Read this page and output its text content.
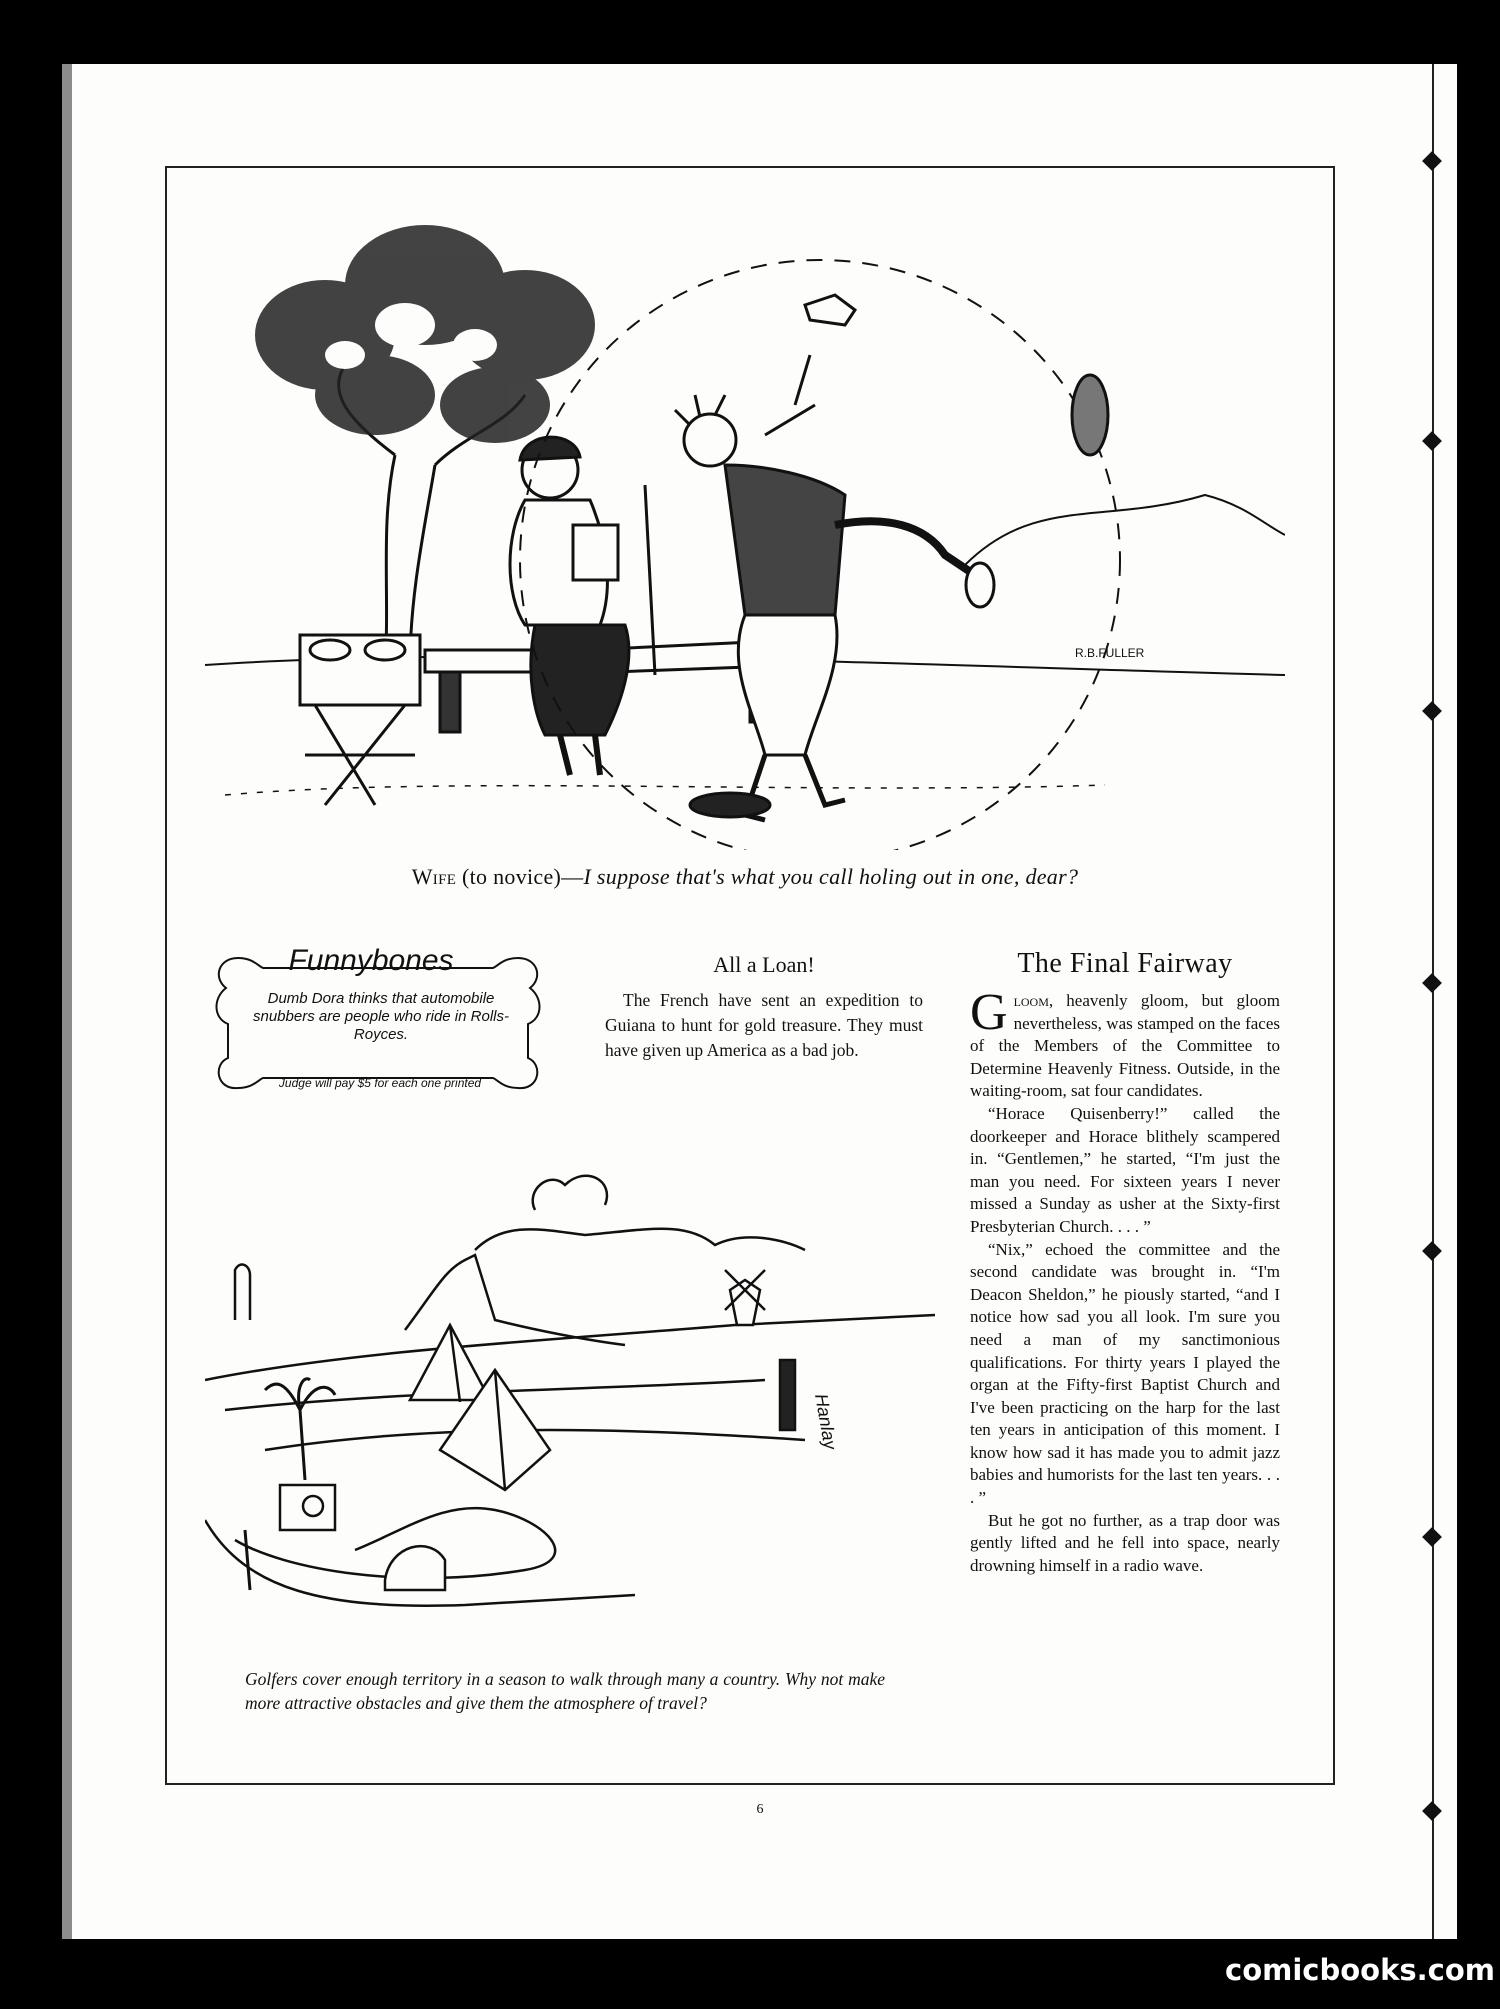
R.B.FULLER
Wife (to novice)—I suppose that's what you call holing out in one, dear?
Funnybones
Dumb Dora thinks that automobile snubbers are people who ride in Rolls-Royces.
Judge will pay $5 for each one printed
All a Loan!

The French have sent an expedition to Guiana to hunt for gold treasure. They must have given up America as a bad job.

The Final Fairway

Gloom, heavenly gloom, but gloom nevertheless, was stamped on the faces of the Members of the Committee to Determine Heavenly Fitness. Outside, in the waiting-room, sat four candidates.

“Horace Quisenberry!” called the doorkeeper and Horace blithely scampered in. “Gentlemen,” he started, “I'm just the man you need. For sixteen years I never missed a Sunday as usher at the Sixty-first Presbyterian Church. . . . ”

“Nix,” echoed the committee and the second candidate was brought in. “I'm Deacon Sheldon,” he piously started, “and I notice how sad you all look. I'm sure you need a man of my sanctimonious qualifications. For thirty years I played the organ at the Fifty-first Baptist Church and I've been practicing on the harp for the last ten years in anticipation of this moment. I know how sad it has made you to admit jazz babies and humorists for the last ten years. . . . ”

But he got no further, as a trap door was gently lifted and he fell into space, nearly drowning himself in a radio wave.

Hanlay
Golfers cover enough territory in a season to walk through many a country. Why not make more attractive obstacles and give them the atmosphere of travel?
6
comicbooks.com
